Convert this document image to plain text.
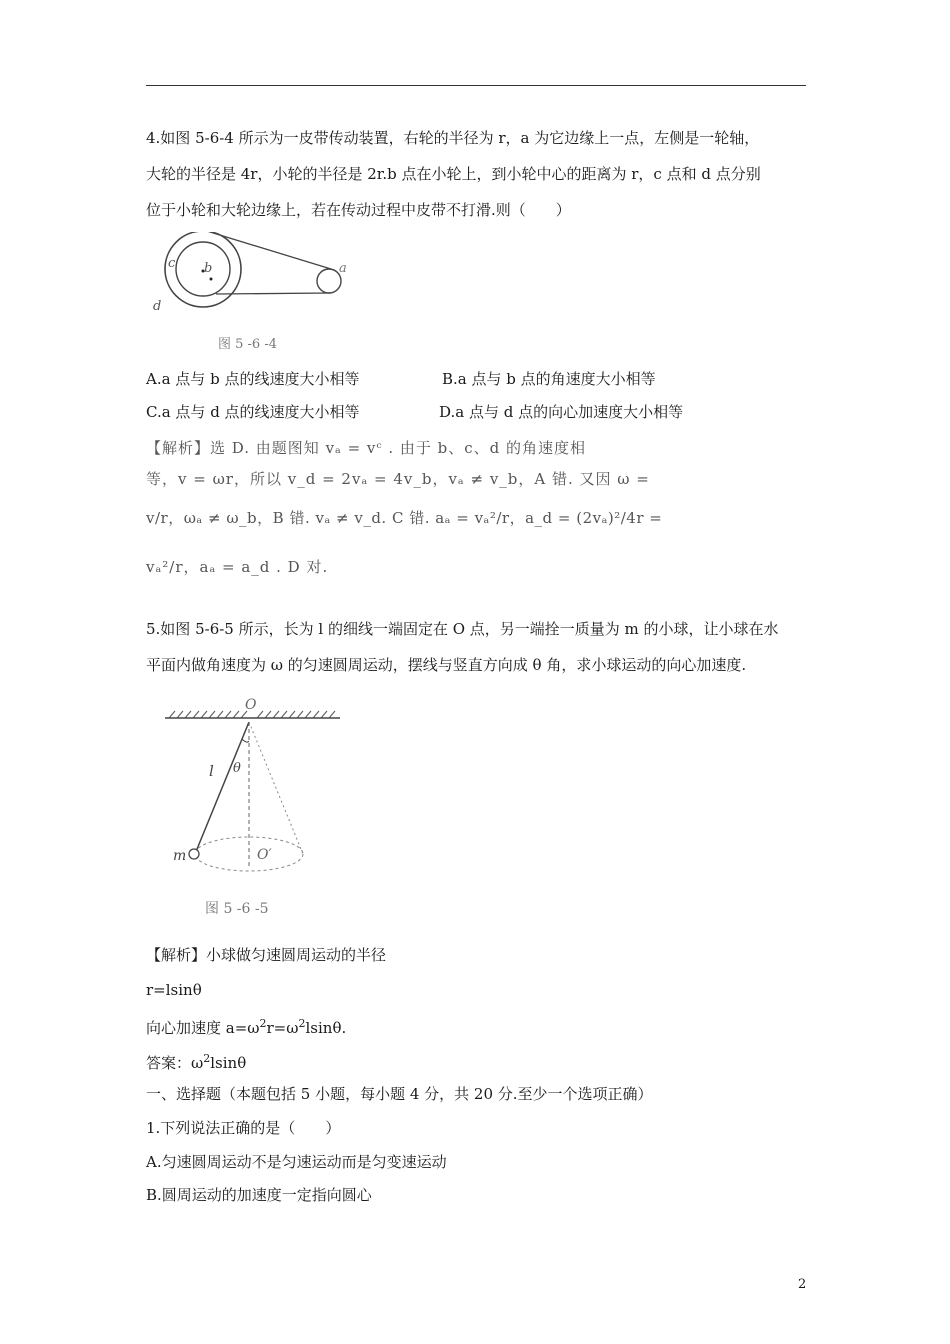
4.如图 5-6-4 所示为一皮带传动装置，右轮的半径为 r，a 为它边缘上一点，左侧是一轮轴，
大轮的半径是 4r，小轮的半径是 2r.b 点在小轮上，到小轮中心的距离为 r，c 点和 d 点分别
位于小轮和大轮边缘上，若在传动过程中皮带不打滑.则（　　）
c b
d
a
图 5 -6 -4
A.a 点与 b 点的线速度大小相等	B.a 点与 b 点的角速度大小相等
C.a 点与 d 点的线速度大小相等	D.a 点与 d 点的向心加速度大小相等
【解析】选 D. 由题图知 vₐ = vᶜ . 由于 b、c、d 的角速度相
等，v = ωr，所以 v_d = 2vₐ = 4v_b，vₐ ≠ v_b，A 错. 又因 ω =
v/r，ωₐ ≠ ω_b，B 错. vₐ ≠ v_d. C 错. aₐ = vₐ²/r，a_d = (2vₐ)²/4r =
vₐ²/r，aₐ = a_d . D 对.
5.如图 5-6-5 所示，长为 l 的细线一端固定在 O 点，另一端拴一质量为 m 的小球，让小球在水
平面内做角速度为 ω 的匀速圆周运动，摆线与竖直方向成 θ 角，求小球运动的向心加速度.
O
l θ
m	O′
图 5 -6 -5
【解析】小球做匀速圆周运动的半径
r=lsinθ
向心加速度 $a=\omega^2r=\omega^2lsin\theta$.
答案：$\omega^2lsin\theta$
一、选择题（本题包括 5 小题，每小题 4 分，共 20 分.至少一个选项正确）
1.下列说法正确的是（　　）
A.匀速圆周运动不是匀速运动而是匀变速运动
B.圆周运动的加速度一定指向圆心
2
